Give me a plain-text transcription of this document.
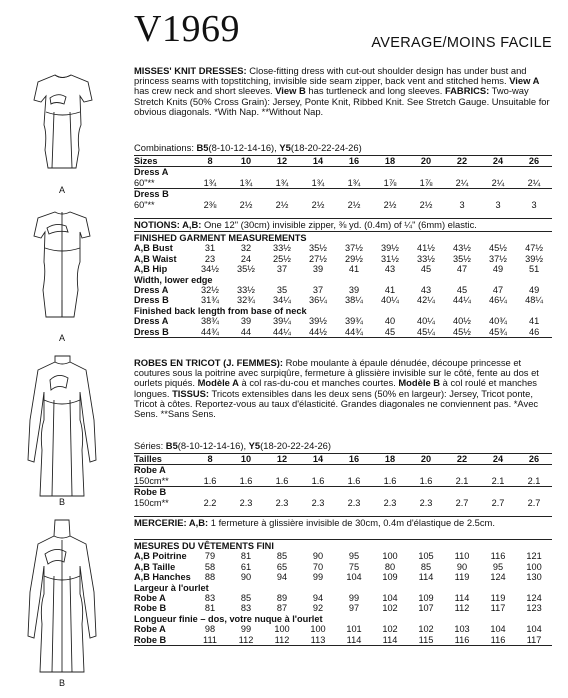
V1969	AVERAGE/MOINS FACILE
A
A
B
B

MISSES' KNIT DRESSES: Close-fitting dress with cut-out shoulder design has under bust and princess seams with topstitching, invisible side seam zipper, back vent and stitched hems. View A has crew neck and short sleeves. View B has turtleneck and long sleeves. FABRICS: Two-way Stretch Knits (50% Cross Grain): Jersey, Ponte Knit, Ribbed Knit. See Stretch Gauge. Unsuitable for obvious diagonals. *With Nap. **Without Nap.

Combinations: B5(8-10-12-14-16), Y5(18-20-22-24-26)
Sizes	8	10	12	14	16	18	20	22	24	26
Dress A										
60"**	1¾	1¾	1¾	1¾	1¾	1⅞	1⅞	2¼	2¼	2¼
Dress B										
60"**	2⅜	2½	2½	2½	2½	2½	2½	3	3	3
NOTIONS: A,B: One 12" (30cm) invisible zipper, ⅜ yd. (0.4m) of ¼" (6mm) elastic.
FINISHED GARMENT MEASUREMENTS										
A,B Bust	31	32	33½	35½	37½	39½	41½	43½	45½	47½
A,B Waist	23	24	25½	27½	29½	31½	33½	35½	37½	39½
A,B Hip	34½	35½	37	39	41	43	45	47	49	51
Width, lower edge										
Dress A	32½	33½	35	37	39	41	43	45	47	49
Dress B	31¾	32¾	34¼	36¼	38¼	40¼	42¼	44¼	46¼	48¼
Finished back length from base of neck										
Dress A	38¾	39	39¼	39½	39¾	40	40¼	40½	40¾	41
Dress B	44¾	44	44¼	44½	44¾	45	45¼	45½	45¾	46

ROBES EN TRICOT (J. FEMMES): Robe moulante à épaule dénudée, découpe princesse et coutures sous la poitrine avec surpiqûre, fermeture à glissière invisible sur le côté, fente au dos et ourlets piqués. Modèle A à col ras-du-cou et manches courtes. Modèle B à col roulé et manches longues. TISSUS: Tricots extensibles dans les deux sens (50% en largeur): Jersey, Tricot ponte, Tricot à côtes. Reportez-vous au taux d'élasticité. Grandes diagonales ne conviennent pas. *Avec Sens. **Sans Sens.

Séries: B5(8-10-12-14-16), Y5(18-20-22-24-26)
Tailles	8	10	12	14	16	18	20	22	24	26
Robe A										
150cm**	1.6	1.6	1.6	1.6	1.6	1.6	1.6	2.1	2.1	2.1
Robe B										
150cm**	2.2	2.3	2.3	2.3	2.3	2.3	2.3	2.7	2.7	2.7

MERCERIE: A,B: 1 fermeture à glissière invisible de 30cm, 0.4m d'élastique de 2.5cm.

MESURES DU VÊTEMENTS FINI										
A,B Poitrine	79	81	85	90	95	100	105	110	116	121
A,B Taille	58	61	65	70	75	80	85	90	95	100
A,B Hanches	88	90	94	99	104	109	114	119	124	130
Largeur à l'ourlet										
Robe A	83	85	89	94	99	104	109	114	119	124
Robe B	81	83	87	92	97	102	107	112	117	123
Longueur finie – dos, votre nuque à l'ourlet										
Robe A	98	99	100	100	101	102	102	103	104	104
Robe B	111	112	112	113	114	114	115	116	116	117
